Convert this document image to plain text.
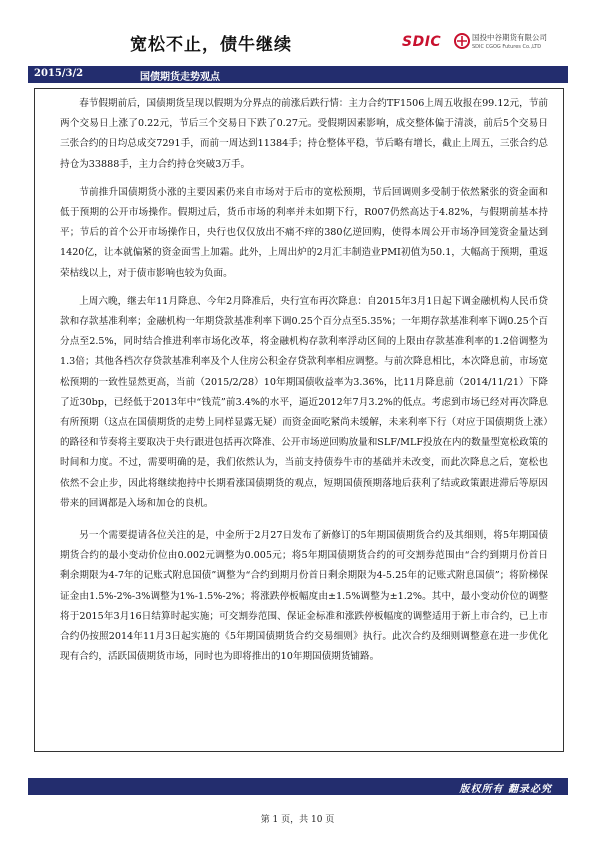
宽松不止，债牛继续	SDIC	国投中谷期货有限公司
SDIC CGOG Futures Co.,LTD
2015/3/2	国债期货走势观点

春节假期前后，国债期货呈现以假期为分界点的前涨后跌行情：主力合约TF1506上周五收报在99.12元，节前两个交易日上涨了0.22元，节后三个交易日下跌了0.27元。受假期因素影响，成交整体偏于清淡，前后5个交易日三张合约的日均总成交7291手，而前一周达到11384手；持仓整体平稳，节后略有增长，截止上周五，三张合约总持仓为33888手，主力合约持仓突破3万手。

节前推升国债期货小涨的主要因素仍来自市场对于后市的宽松预期，节后回调则多受制于依然紧张的资金面和低于预期的公开市场操作。假期过后，货币市场的利率并未如期下行，R007仍然高达于4.82%，与假期前基本持平；节后的首个公开市场操作日，央行也仅仅放出不痛不痒的380亿逆回购，使得本周公开市场净回笼资金量达到1420亿，让本就偏紧的资金面雪上加霜。此外，上周出炉的2月汇丰制造业PMI初值为50.1，大幅高于预期，重返荣枯线以上，对于债市影响也较为负面。

上周六晚，继去年11月降息、今年2月降准后，央行宣布再次降息：自2015年3月1日起下调金融机构人民币贷款和存款基准利率；金融机构一年期贷款基准利率下调0.25个百分点至5.35%；一年期存款基准利率下调0.25个百分点至2.5%，同时结合推进利率市场化改革，将金融机构存款利率浮动区间的上限由存款基准利率的1.2倍调整为1.3倍；其他各档次存贷款基准利率及个人住房公积金存贷款利率相应调整。与前次降息相比，本次降息前，市场宽松预期的一致性显然更高，当前（2015/2/28）10年期国债收益率为3.36%，比11月降息前（2014/11/21）下降了近30bp，已经低于2013年中“钱荒”前3.4%的水平，逼近2012年7月3.2%的低点。考虑到市场已经对再次降息有所预期（这点在国债期货的走势上同样显露无疑）而资金面吃紧尚未缓解，未来利率下行（对应于国债期货上涨）的路径和节奏将主要取决于央行跟进包括再次降准、公开市场逆回购放量和SLF/MLF投放在内的数量型宽松政策的时间和力度。不过，需要明确的是，我们依然认为，当前支持债券牛市的基础并未改变，而此次降息之后，宽松也依然不会止步，因此将继续抱持中长期看涨国债期货的观点，短期国债预期落地后获利了结或政策跟进滞后等原因带来的回调都是入场和加仓的良机。

另一个需要提请各位关注的是，中金所于2月27日发布了新修订的5年期国债期货合约及其细则，将5年期国债期货合约的最小变动价位由0.002元调整为0.005元；将5年期国债期货合约的可交割券范围由“合约到期月份首日剩余期限为4-7年的记账式附息国债”调整为“合约到期月份首日剩余期限为4-5.25年的记账式附息国债”；将阶梯保证金由1.5%-2%-3%调整为1%-1.5%-2%；将涨跌停板幅度由±1.5%调整为±1.2%。其中，最小变动价位的调整将于2015年3月16日结算时起实施；可交割券范围、保证金标准和涨跌停板幅度的调整适用于新上市合约，已上市合约仍按照2014年11月3日起实施的《5年期国债期货合约交易细则》执行。此次合约及细则调整意在进一步优化现有合约，活跃国债期货市场，同时也为即将推出的10年期国债期货铺路。

版权所有 翻录必究
第 1 页，共 10 页
